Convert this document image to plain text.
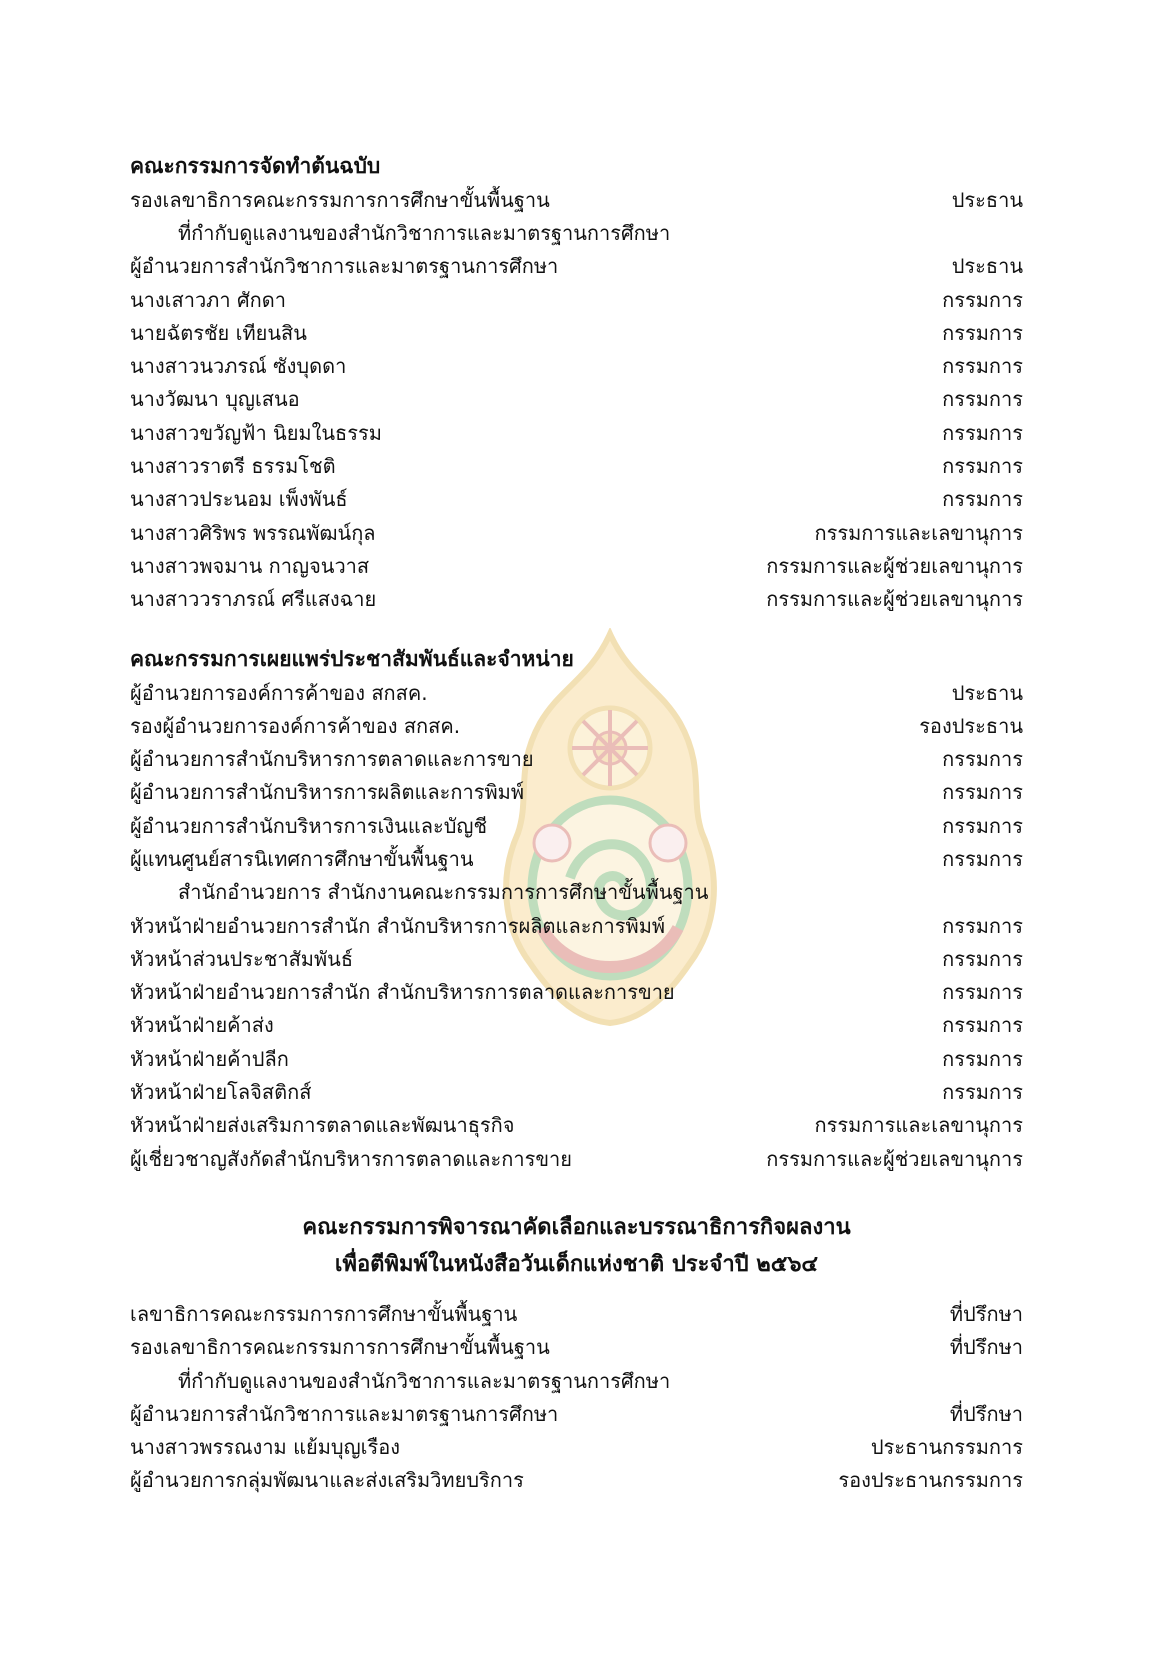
คณะกรรมการจัดทำต้นฉบับ
รองเลขาธิการคณะกรรมการการศึกษาขั้นพื้นฐาน	ประธาน
ที่กำกับดูแลงานของสำนักวิชาการและมาตรฐานการศึกษา
ผู้อำนวยการสำนักวิชาการและมาตรฐานการศึกษา	ประธาน
นางเสาวภา ศักดา	กรรมการ
นายฉัตรชัย เทียนสิน	กรรมการ
นางสาวนวภรณ์ ซังบุดดา	กรรมการ
นางวัฒนา บุญเสนอ	กรรมการ
นางสาวขวัญฟ้า นิยมในธรรม	กรรมการ
นางสาวราตรี ธรรมโชติ	กรรมการ
นางสาวประนอม เพ็งพันธ์	กรรมการ
นางสาวศิริพร พรรณพัฒน์กุล	กรรมการและเลขานุการ
นางสาวพจมาน กาญจนวาส	กรรมการและผู้ช่วยเลขานุการ
นางสาววราภรณ์ ศรีแสงฉาย	กรรมการและผู้ช่วยเลขานุการ
คณะกรรมการเผยแพร่ประชาสัมพันธ์และจำหน่าย
ผู้อำนวยการองค์การค้าของ สกสค.	ประธาน
รองผู้อำนวยการองค์การค้าของ สกสค.	รองประธาน
ผู้อำนวยการสำนักบริหารการตลาดและการขาย	กรรมการ
ผู้อำนวยการสำนักบริหารการผลิตและการพิมพ์	กรรมการ
ผู้อำนวยการสำนักบริหารการเงินและบัญชี	กรรมการ
ผู้แทนศูนย์สารนิเทศการศึกษาขั้นพื้นฐาน	กรรมการ
สำนักอำนวยการ สำนักงานคณะกรรมการการศึกษาขั้นพื้นฐาน
หัวหน้าฝ่ายอำนวยการสำนัก สำนักบริหารการผลิตและการพิมพ์	กรรมการ
หัวหน้าส่วนประชาสัมพันธ์	กรรมการ
หัวหน้าฝ่ายอำนวยการสำนัก สำนักบริหารการตลาดและการขาย	กรรมการ
หัวหน้าฝ่ายค้าส่ง	กรรมการ
หัวหน้าฝ่ายค้าปลีก	กรรมการ
หัวหน้าฝ่ายโลจิสติกส์	กรรมการ
หัวหน้าฝ่ายส่งเสริมการตลาดและพัฒนาธุรกิจ	กรรมการและเลขานุการ
ผู้เชี่ยวชาญสังกัดสำนักบริหารการตลาดและการขาย	กรรมการและผู้ช่วยเลขานุการ
คณะกรรมการพิจารณาคัดเลือกและบรรณาธิการกิจผลงาน
เพื่อตีพิมพ์ในหนังสือวันเด็กแห่งชาติ ประจำปี ๒๕๖๔
เลขาธิการคณะกรรมการการศึกษาขั้นพื้นฐาน	ที่ปรึกษา
รองเลขาธิการคณะกรรมการการศึกษาขั้นพื้นฐาน	ที่ปรึกษา
ที่กำกับดูแลงานของสำนักวิชาการและมาตรฐานการศึกษา
ผู้อำนวยการสำนักวิชาการและมาตรฐานการศึกษา	ที่ปรึกษา
นางสาวพรรณงาม แย้มบุญเรือง	ประธานกรรมการ
ผู้อำนวยการกลุ่มพัฒนาและส่งเสริมวิทยบริการ	รองประธานกรรมการ
